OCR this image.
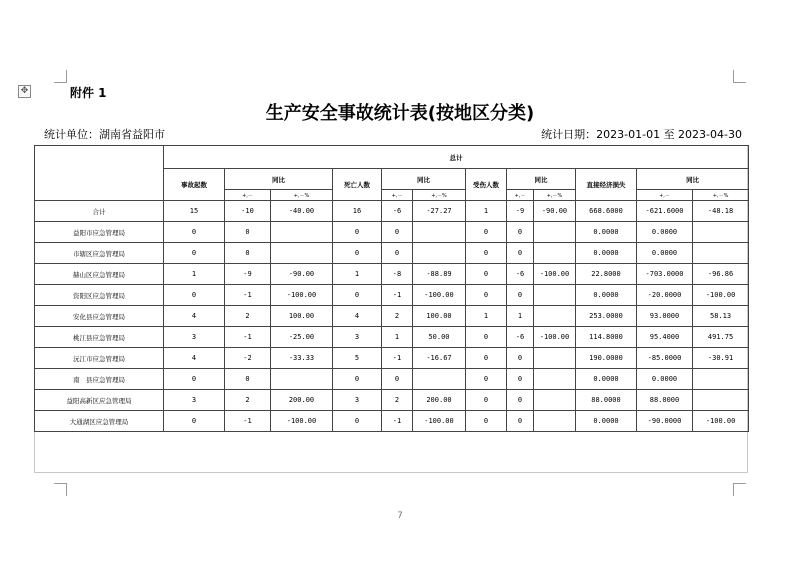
✥	附件 1
生产安全事故统计表(按地区分类)
统计单位：湖南省益阳市	统计日期：2023-01-01 至 2023-04-30
	总计											
	事故起数	同比		死亡人数	同比		受伤人数	同比		直接经济损失	同比	
		+,－	+,－%		+,－	+,－%		+,－	+,－%		+,－	+,－%
合计	15	-10	-40.00	16	-6	-27.27	1	-9	-90.00	668.6000	-621.6000	-48.18
益阳市应急管理局	0	0		0	0		0	0		0.0000	0.0000	
市辖区应急管理局	0	0		0	0		0	0		0.0000	0.0000	
赫山区应急管理局	1	-9	-90.00	1	-8	-88.89	0	-6	-100.00	22.8000	-703.0000	-96.86
资阳区应急管理局	0	-1	-100.00	0	-1	-100.00	0	0		0.0000	-20.0000	-100.00
安化县应急管理局	4	2	100.00	4	2	100.00	1	1		253.0000	93.0000	58.13
桃江县应急管理局	3	-1	-25.00	3	1	50.00	0	-6	-100.00	114.8000	95.4000	491.75
沅江市应急管理局	4	-2	-33.33	5	-1	-16.67	0	0		190.0000	-85.0000	-30.91
南　县应急管理局	0	0		0	0		0	0		0.0000	0.0000	
益阳高新区应急管理局	3	2	200.00	3	2	200.00	0	0		88.0000	88.0000	
大通湖区应急管理局	0	-1	-100.00	0	-1	-100.00	0	0		0.0000	-90.0000	-100.00
7
